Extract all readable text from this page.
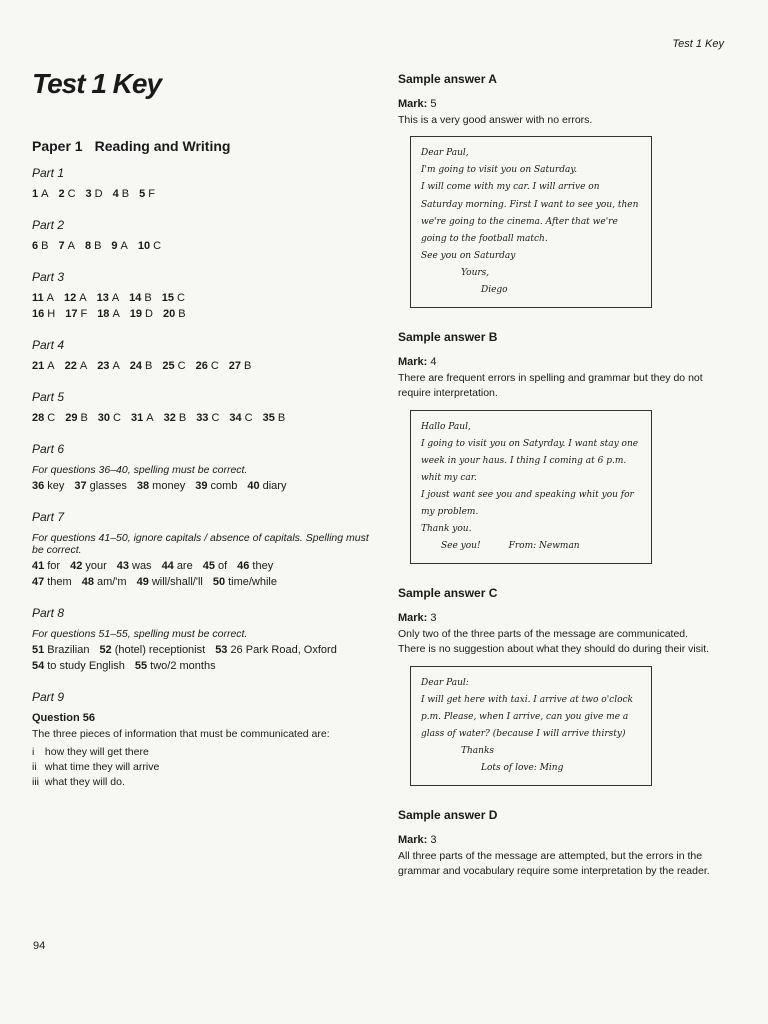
Test 1 Key
Test 1 Key
Paper 1 Reading and Writing
Part 1
1 A 2 C 3 D 4 B 5 F
Part 2
6 B 7 A 8 B 9 A 10 C
Part 3
11 A 12 A 13 A 14 B 15 C
16 H 17 F 18 A 19 D 20 B
Part 4
21 A 22 A 23 A 24 B 25 C 26 C 27 B
Part 5
28 C 29 B 30 C 31 A 32 B 33 C 34 C 35 B
Part 6
For questions 36–40, spelling must be correct.
36 key 37 glasses 38 money 39 comb 40 diary
Part 7
For questions 41–50, ignore capitals / absence of capitals. Spelling must be correct.
41 for 42 your 43 was 44 are 45 of 46 they
47 them 48 am/'m 49 will/shall/'ll 50 time/while
Part 8
For questions 51–55, spelling must be correct.
51 Brazilian 52 (hotel) receptionist 53 26 Park Road, Oxford
54 to study English 55 two/2 months
Part 9
Question 56
The three pieces of information that must be communicated are:
i how they will get there
ii what time they will arrive
iii what they will do.
Sample answer A
Mark: 5
This is a very good answer with no errors.

Dear Paul,

I'm going to visit you on Saturday.

I will come with my car. I will arrive on Saturday morning. First I want to see you, then we're going to the cinema. After that we're going to the football match.

See you on Saturday

Yours,

Diego

Sample answer B
Mark: 4
There are frequent errors in spelling and grammar but they do not require interpretation.

Hallo Paul,

I going to visit you on Satyrday. I want stay one week in your haus. I thing I coming at 6 p.m. whit my car.

I joust want see you and speaking whit you for my problem.

Thank you.

See you!	From: Newman
Sample answer C
Mark: 3
Only two of the three parts of the message are communicated. There is no suggestion about what they should do during their visit.

Dear Paul:

I will get here with taxi. I arrive at two o'clock p.m. Please, when I arrive, can you give me a glass of water? (because I will arrive thirsty)

Thanks

Lots of love: Ming

Sample answer D
Mark: 3
All three parts of the message are attempted, but the errors in the grammar and vocabulary require some interpretation by the reader.
94
